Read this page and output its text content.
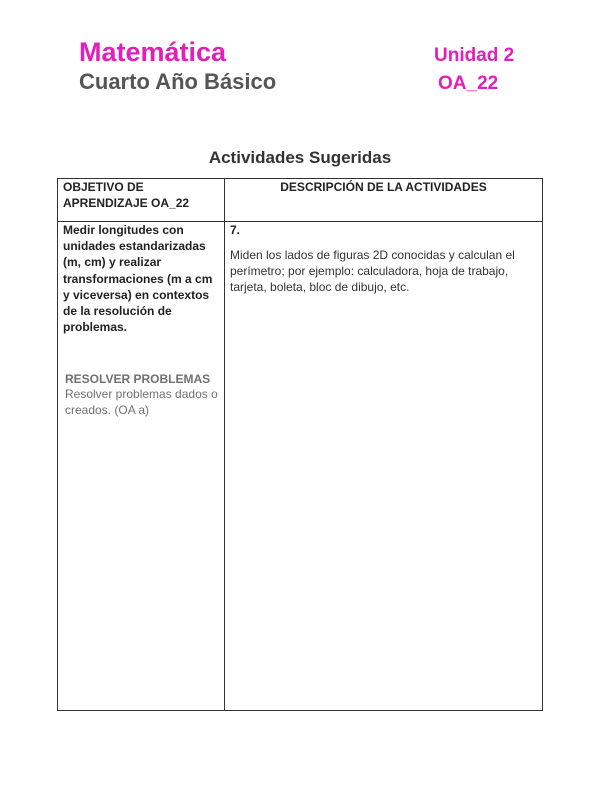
Matemática
Cuarto Año Básico
Unidad 2
OA_22
Actividades Sugeridas
OBJETIVO DE APRENDIZAJE OA_22
DESCRIPCIÓN DE LA ACTIVIDADES
Medir longitudes con unidades estandarizadas (m, cm) y realizar transformaciones (m a cm y viceversa) en contextos de la resolución de problemas.
RESOLVER PROBLEMAS
Resolver problemas dados o creados. (OA a)
7.
Miden los lados de figuras 2D conocidas y calculan el perímetro; por ejemplo: calculadora, hoja de trabajo, tarjeta, boleta, bloc de dibujo, etc.
